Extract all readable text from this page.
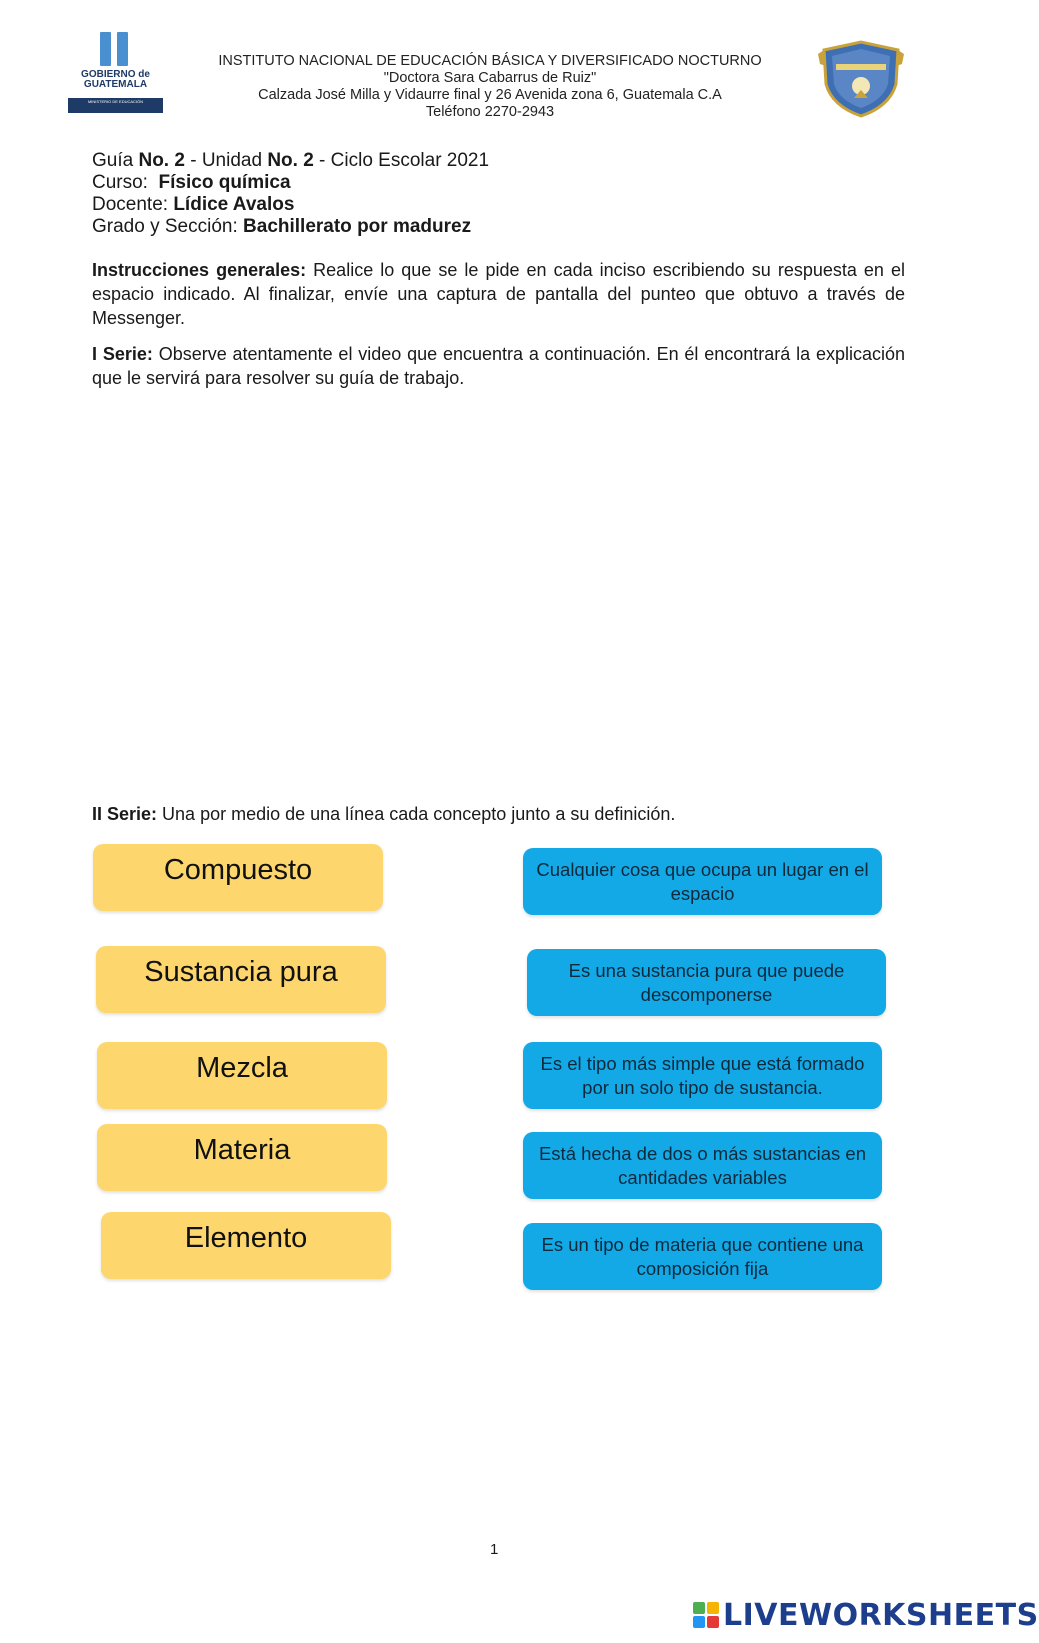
GOBIERNO de GUATEMALA
MINISTERIO DE EDUCACIÓN
INSTITUTO NACIONAL DE EDUCACIÓN BÁSICA Y DIVERSIFICADO NOCTURNO
"Doctora Sara Cabarrus de Ruiz"
Calzada José Milla y Vidaurre final y 26 Avenida zona 6, Guatemala C.A
Teléfono 2270-2943
Guía No. 2 - Unidad No. 2 - Ciclo Escolar 2021
Curso: Físico química
Docente: Lídice Avalos
Grado y Sección: Bachillerato por madurez
Instrucciones generales: Realice lo que se le pide en cada inciso escribiendo su respuesta en el espacio indicado. Al finalizar, envíe una captura de pantalla del punteo que obtuvo a través de Messenger.
I Serie: Observe atentamente el video que encuentra a continuación. En él encontrará la explicación que le servirá para resolver su guía de trabajo.
II Serie: Una por medio de una línea cada concepto junto a su definición.
Compuesto
Sustancia pura
Mezcla
Materia
Elemento
Cualquier cosa que ocupa un lugar en el espacio
Es una sustancia pura que puede descomponerse
Es el tipo más simple que está formado por un solo tipo de sustancia.
Está hecha de dos o más sustancias en cantidades variables
Es un tipo de materia que contiene una composición fija
1
LIVEWORKSHEETS
